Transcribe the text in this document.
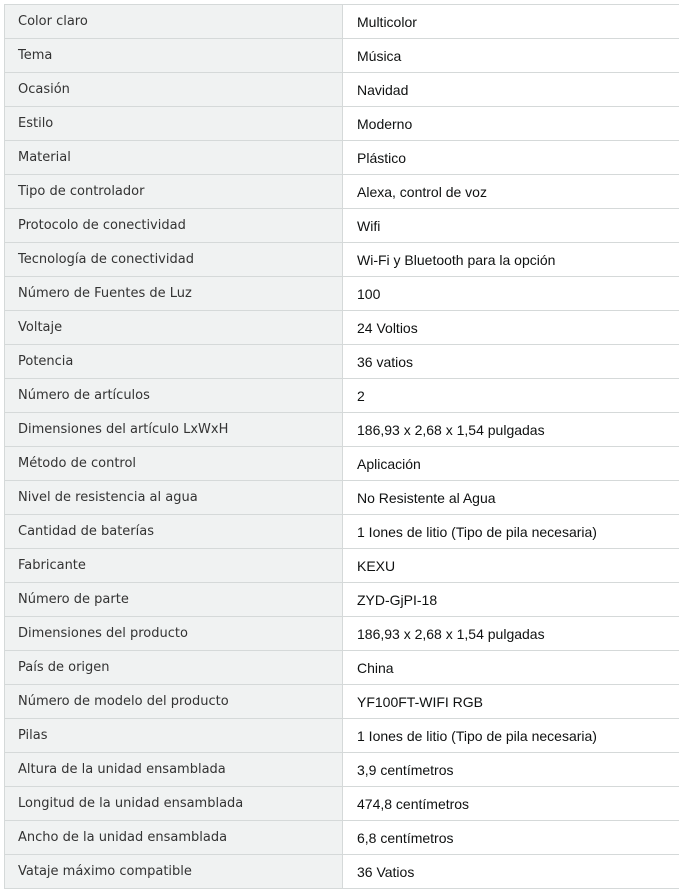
Color claro	Multicolor
Tema	Música
Ocasión	Navidad
Estilo	Moderno
Material	Plástico
Tipo de controlador	Alexa, control de voz
Protocolo de conectividad	Wifi
Tecnología de conectividad	Wi-Fi y Bluetooth para la opción
Número de Fuentes de Luz	100
Voltaje	24 Voltios
Potencia	36 vatios
Número de artículos	2
Dimensiones del artículo LxWxH	186,93 x 2,68 x 1,54 pulgadas
Método de control	Aplicación
Nivel de resistencia al agua	No Resistente al Agua
Cantidad de baterías	1 Iones de litio (Tipo de pila necesaria)
Fabricante	KEXU
Número de parte	ZYD-GjPI-18
Dimensiones del producto	186,93 x 2,68 x 1,54 pulgadas
País de origen	China
Número de modelo del producto	YF100FT-WIFI RGB
Pilas	1 Iones de litio (Tipo de pila necesaria)
Altura de la unidad ensamblada	3,9 centímetros
Longitud de la unidad ensamblada	474,8 centímetros
Ancho de la unidad ensamblada	6,8 centímetros
Vataje máximo compatible	36 Vatios
